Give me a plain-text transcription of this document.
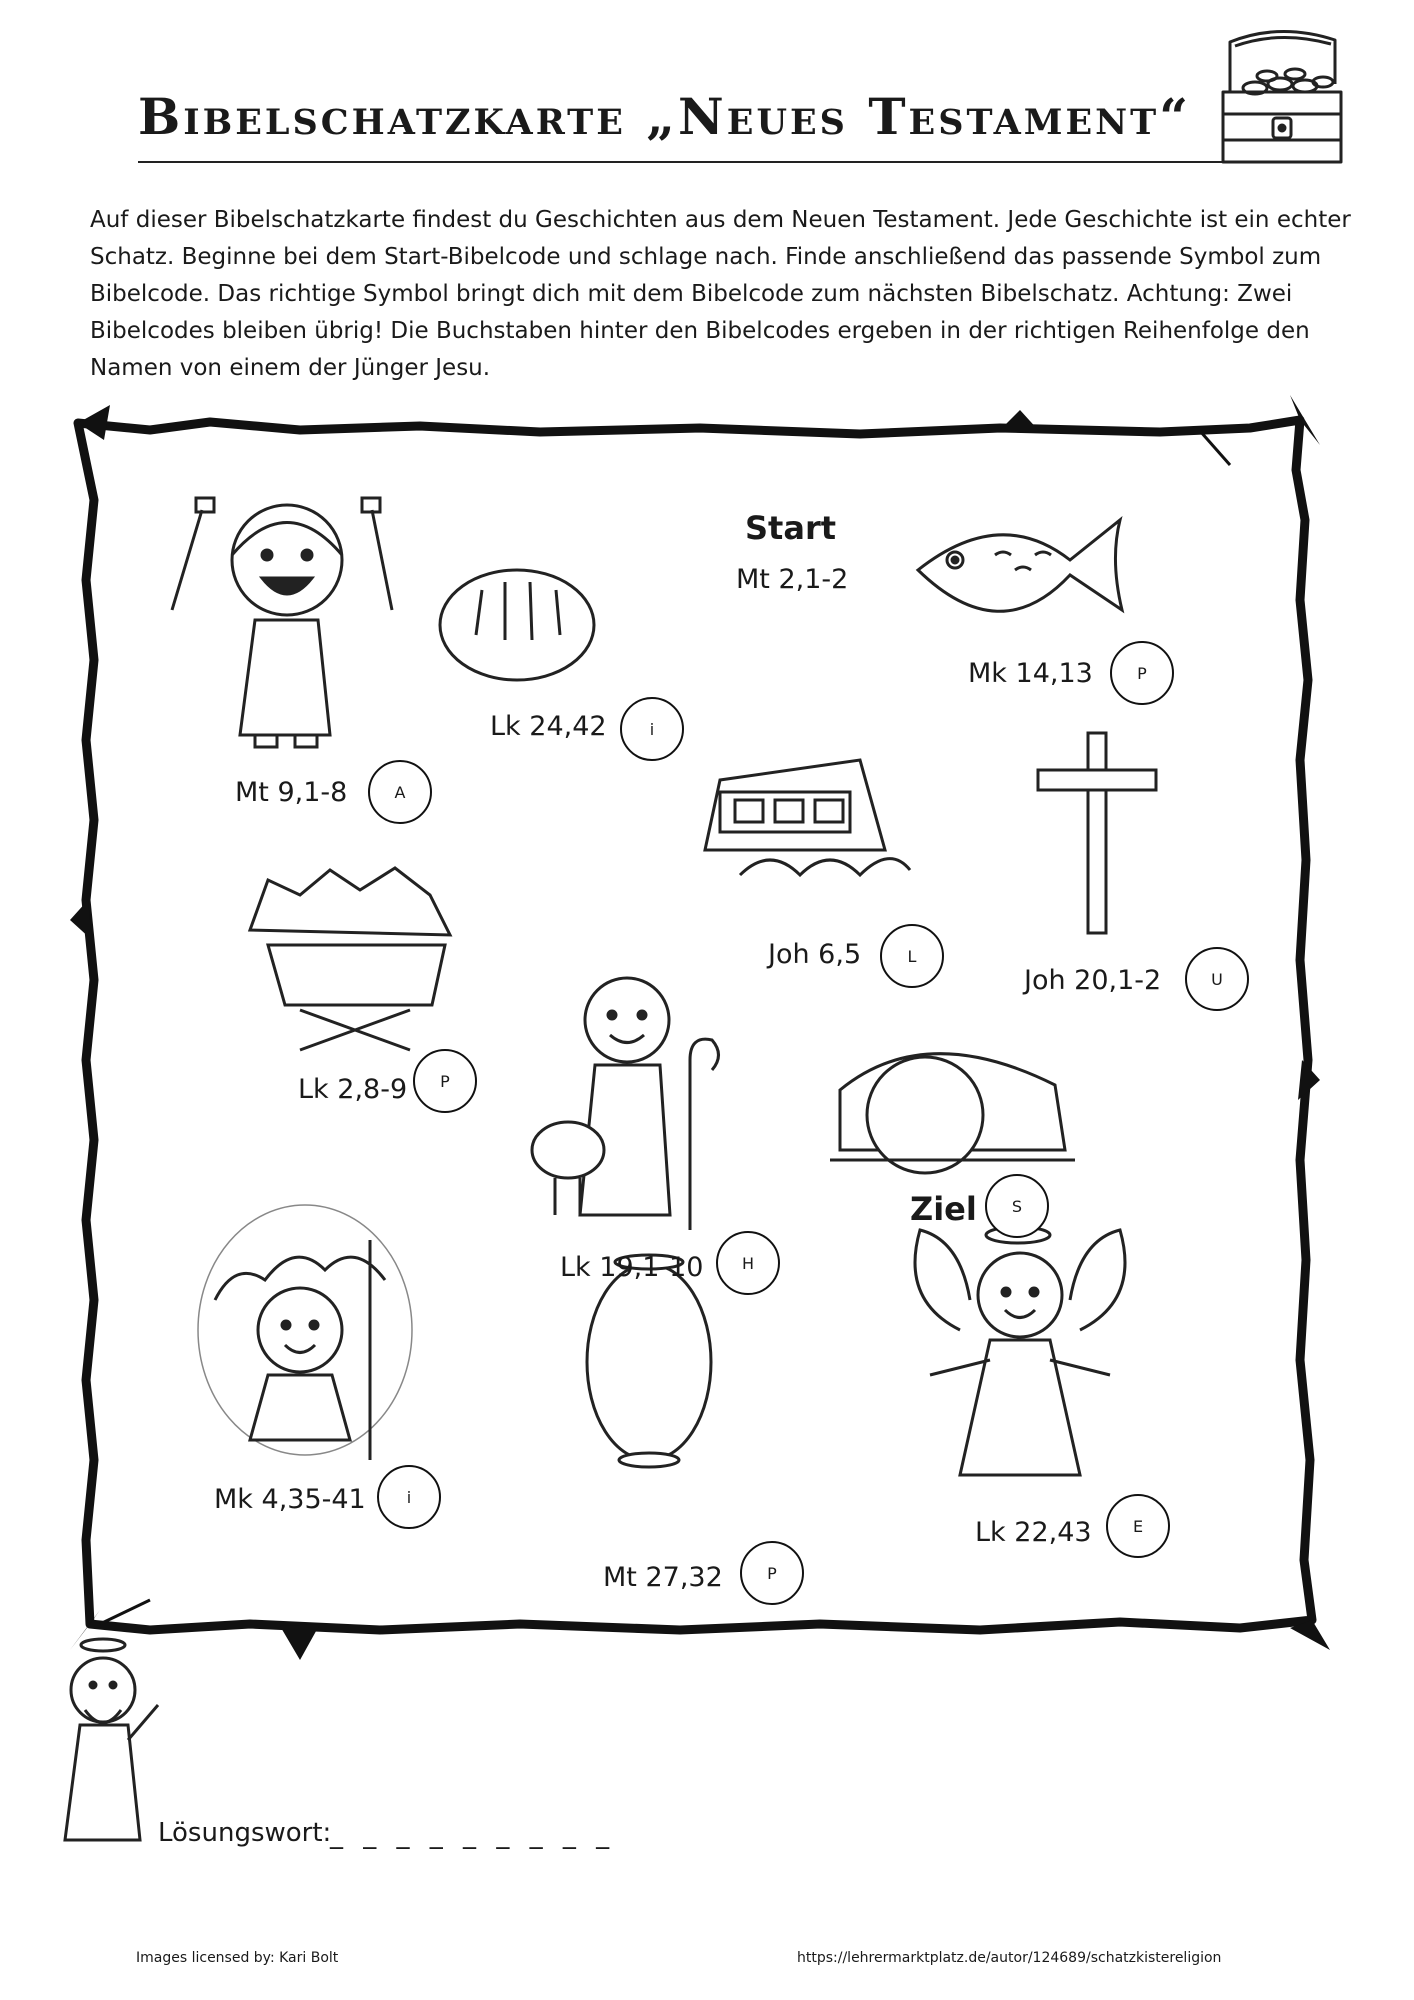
Bibelschatzkarte „Neues Testament“

Auf dieser Bibelschatzkarte findest du Geschichten aus dem Neuen Testament. Jede Geschichte ist ein echter Schatz. Beginne bei dem Start-Bibelcode und schlage nach. Finde anschließend das passende Symbol zum Bibelcode. Das richtige Symbol bringt dich mit dem Bibelcode zum nächsten Bibelschatz. Achtung: Zwei Bibelcodes bleiben übrig! Die Buchstaben hinter den Bibelcodes ergeben in der richtigen Reihenfolge den Namen von einem der Jünger Jesu.

Start
Mt 2,1-2
Ziel	S
Mt 9,1-8	A
Lk 24,42	i
Mk 14,13	P
Joh 6,5	L
Joh 20,1-2	U
Lk 2,8-9	P
Lk 19,1-10	H
Mk 4,35-41	i
Mt 27,32	P
Lk 22,43	E
Lösungswort:
_ _ _ _ _ _ _ _ _
Images licensed by: Kari Bolt	https://lehrermarktplatz.de/autor/124689/schatzkistereligion
